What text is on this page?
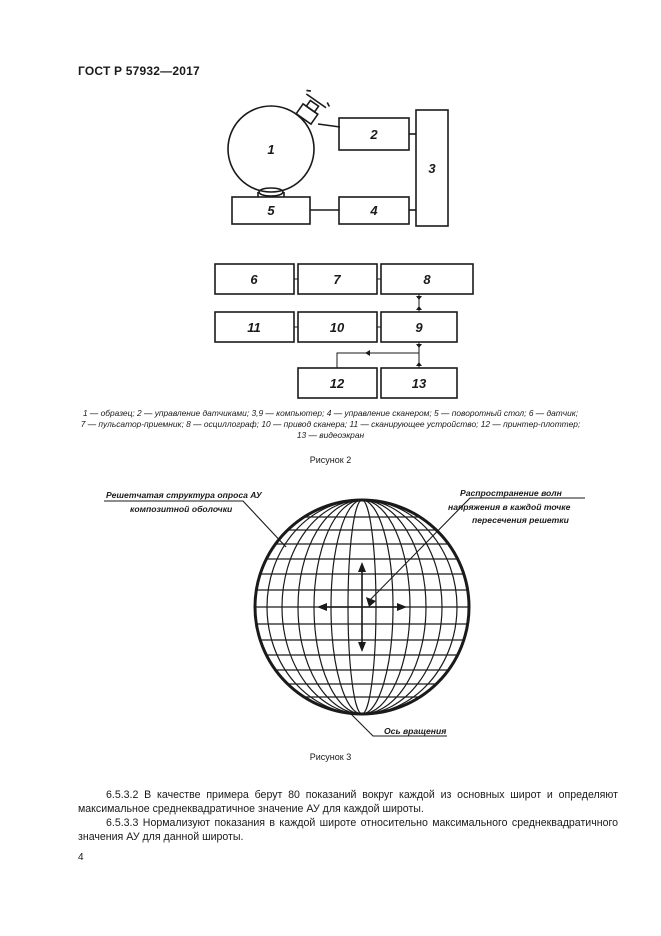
ГОСТ Р 57932—2017
1
2
3
4
5
6	7	8
11	10	9
12	13
1 — образец; 2 — управление датчиками; 3,9 — компьютер; 4 — управление сканером; 5 — поворотный стол; 6 — датчик;
7 — пульсатор-приемник; 8 — осциллограф; 10 — привод сканера; 11 — сканирующее устройство; 12 — принтер-плоттер;
13 — видеоэкран
Рисунок 2
Решетчатая структура опроса АУ
композитной оболочки
Распространение волн
напряжения в каждой точке
пересечения решетки
Ось вращения
Рисунок 3
6.5.3.2 В качестве примера берут 80 показаний вокруг каждой из основных широт и определяют максимальное среднеквадратичное значение АУ для каждой широты.
6.5.3.3 Нормализуют показания в каждой широте относительно максимального среднеквадратичного значения АУ для данной широты.
4
